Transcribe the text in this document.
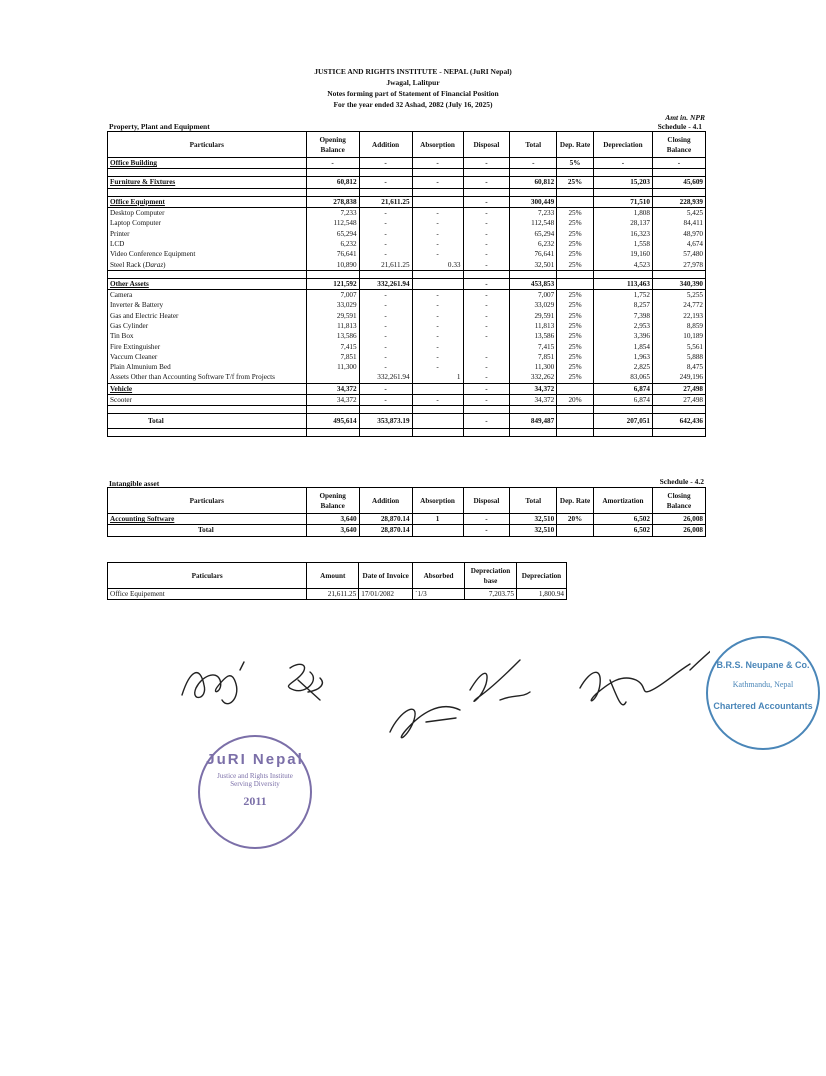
JUSTICE AND RIGHTS INSTITUTE - NEPAL (JuRI Nepal)
Jwagal, Lalitpur
Notes forming part of Statement of Financial Position
For the year ended 32 Ashad, 2082 (July 16, 2025)
Amt in. NPR
Property, Plant and Equipment	Schedule - 4.1
Particulars	Opening Balance	Addition	Absorption	Disposal	Total	Dep. Rate	Depreciation	Closing Balance
Office Building	-	-	-	-	-	5%	-	-

Furniture & Fixtures	60,812	-	-	-	60,812	25%	15,203	45,609

Office Equipment	278,838	21,611.25		-	300,449		71,510	228,939
Desktop Computer	7,233	-	-	-	7,233	25%	1,808	5,425
Laptop Computer	112,548	-	-	-	112,548	25%	28,137	84,411
Printer	65,294	-	-	-	65,294	25%	16,323	48,970
LCD	6,232	-	-	-	6,232	25%	1,558	4,674
Video Conference Equipment	76,641	-	-	-	76,641	25%	19,160	57,480
Steel Rack (Daraz)	10,890	21,611.25	0.33	-	32,501	25%	4,523	27,978

Other Assets	121,592	332,261.94		-	453,853		113,463	340,390
Camera	7,007	-	-	-	7,007	25%	1,752	5,255
Inverter & Battery	33,029	-	-	-	33,029	25%	8,257	24,772
Gas and Electric Heater	29,591	-	-	-	29,591	25%	7,398	22,193
Gas Cylinder	11,813	-	-	-	11,813	25%	2,953	8,859
Tin Box	13,586	-	-	-	13,586	25%	3,396	10,189
Fire Extinguisher	7,415	-	-		7,415	25%	1,854	5,561
Vaccum Cleaner	7,851	-	-	-	7,851	25%	1,963	5,888
Plain Almunium Bed	11,300	-	-	-	11,300	25%	2,825	8,475
Assets Other than Accounting Software T/f from Projects		332,261.94	1	-	332,262	25%	83,065	249,196
Vehicle	34,372	-		-	34,372		6,874	27,498
Scooter	34,372	-	-	-	34,372	20%	6,874	27,498

Total	495,614	353,873.19		-	849,487		207,051	642,436

Intangible asset	Schedule - 4.2
Particulars	Opening Balance	Addition	Absorption	Disposal	Total	Dep. Rate	Amortization	Closing Balance
Accounting Software	3,640	28,870.14	1	-	32,510	20%	6,502	26,008
Total	3,640	28,870.14		-	32,510		6,502	26,008
Paticulars	Amount	Date of Invoice	Absorbed	Depreciation base	Depreciation
Office Equipement	21,611.25	17/01/2082	`1/3	7,203.75	1,800.94
JuRI Nepal
Justice and Rights Institute
Serving Diversity
2011
B.R.S. Neupane & Co.
Kathmandu, Nepal
Chartered Accountants
